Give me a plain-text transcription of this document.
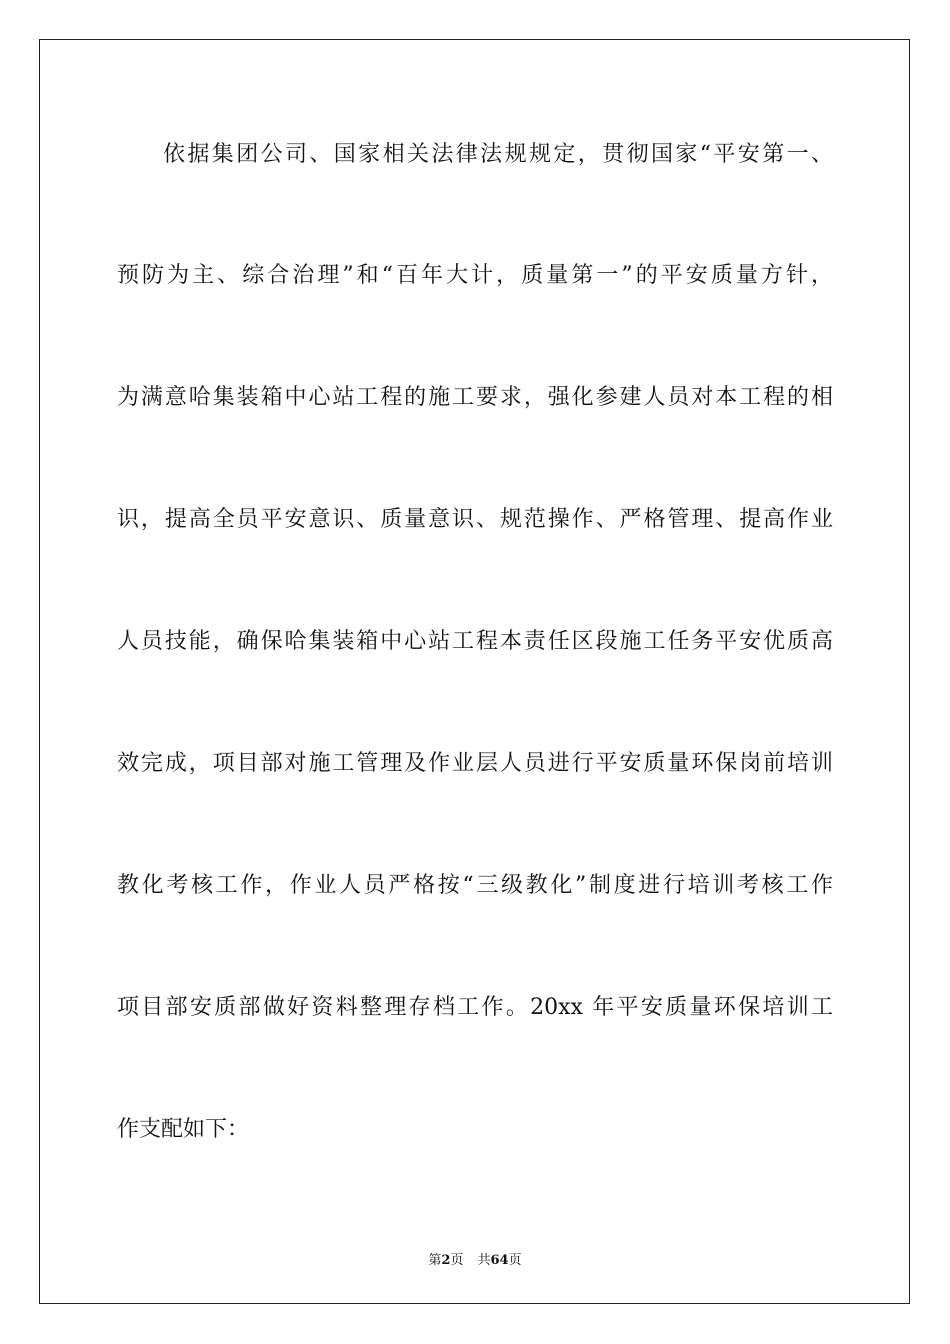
依据集团公司、国家相关法律法规规定，贯彻国家“平安第一、
预防为主、综合治理”和“百年大计，质量第一”的平安质量方针，
为满意哈集装箱中心站工程的施工要求，强化参建人员对本工程的相
识，提高全员平安意识、质量意识、规范操作、严格管理、提高作业
人员技能，确保哈集装箱中心站工程本责任区段施工任务平安优质高
效完成，项目部对施工管理及作业层人员进行平安质量环保岗前培训
教化考核工作，作业人员严格按“三级教化”制度进行培训考核工作
项目部安质部做好资料整理存档工作。20xx 年平安质量环保培训工
作支配如下：
第2页 共64页
